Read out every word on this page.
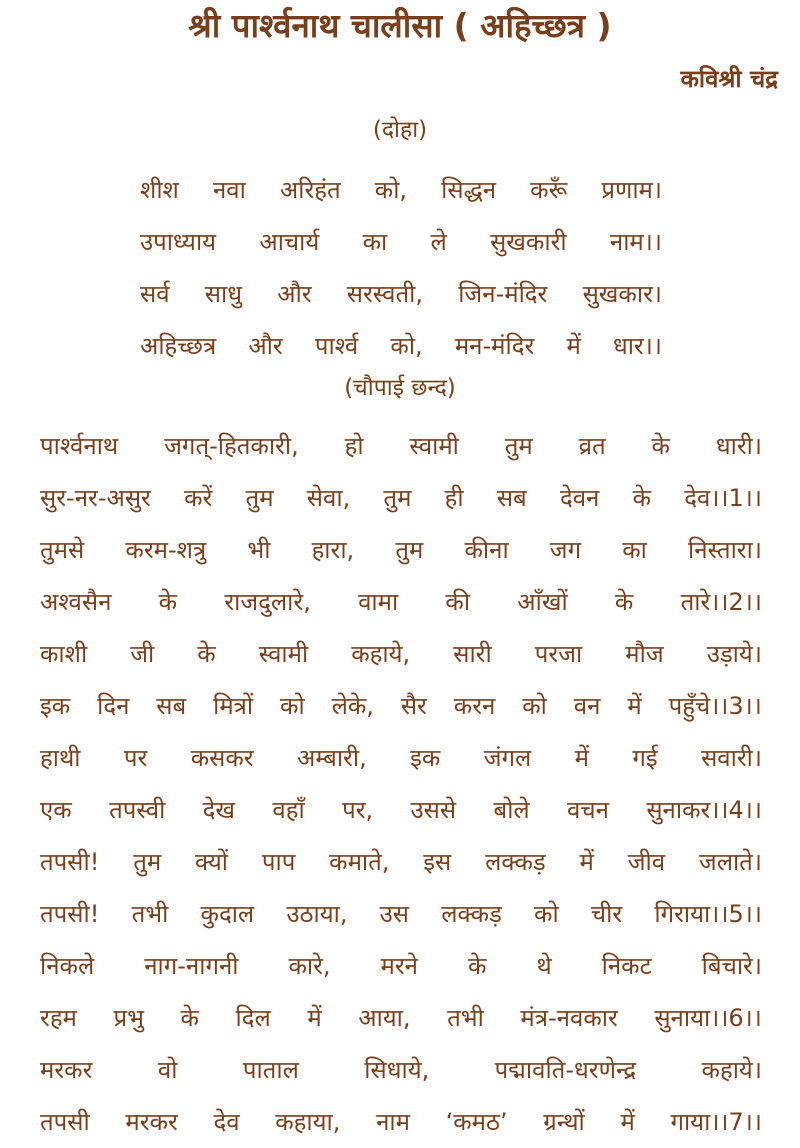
श्री पार्श्वनाथ चालीसा ( अहिच्छत्र )
कविश्री चंद्र
(दोहा)
शीश नवा अरिहंत को, सिद्धन करूँ प्रणाम।
उपाध्याय आचार्य का ले सुखकारी नाम।।
सर्व साधु और सरस्वती, जिन-मंदिर सुखकार।
अहिच्छत्र और पार्श्व को, मन-मंदिर में धार।।
(चौपाई छन्द)
पार्श्वनाथ जगत्-हितकारी, हो स्वामी तुम व्रत के धारी।
सुर-नर-असुर करें तुम सेवा, तुम ही सब देवन के देव।।1।।
तुमसे करम-शत्रु भी हारा, तुम कीना जग का निस्तारा।
अश्वसैन के राजदुलारे, वामा की आँखों के तारे।।2।।
काशी जी के स्वामी कहाये, सारी परजा मौज उड़ाये।
इक दिन सब मित्रों को लेके, सैर करन को वन में पहुँचे।।3।।
हाथी पर कसकर अम्बारी, इक जंगल में गई सवारी।
एक तपस्वी देख वहाँ पर, उससे बोले वचन सुनाकर।।4।।
तपसी! तुम क्यों पाप कमाते, इस लक्कड़ में जीव जलाते।
तपसी! तभी कुदाल उठाया, उस लक्कड़ को चीर गिराया।।5।।
निकले नाग-नागनी कारे, मरने के थे निकट बिचारे।
रहम प्रभु के दिल में आया, तभी मंत्र-नवकार सुनाया।।6।।
मरकर	वो	पाताल	सिधाये,	पद्मावति-धरणेन्द्र	कहाये।
तपसी मरकर देव कहाया, नाम ‘कमठ’ ग्रन्थों में गाया।।7।।
